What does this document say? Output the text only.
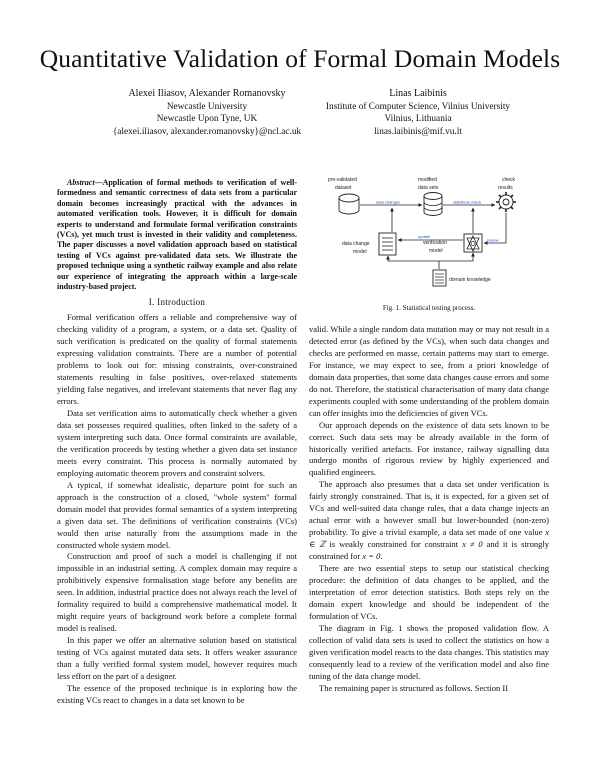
Quantitative Validation of Formal Domain Models
Alexei Iliasov, Alexander Romanovsky
Newcastle University
Newcastle Upon Tyne, UK
{alexei.iliasov, alexander.romanovsky}@ncl.ac.uk
Linas Laibinis
Institute of Computer Science, Vilnius University
Vilnius, Lithuania
linas.laibinis@mif.vu.lt

Abstract—Application of formal methods to verification of well-formedness and semantic correctness of data sets from a particular domain becomes increasingly practical with the advances in automated verification tools. However, it is difficult for domain experts to understand and formulate formal verification constraints (VCs), yet much trust is invested in their validity and completeness. The paper discusses a novel validation approach based on statistical testing of VCs against pre-validated data sets. We illustrate the proposed technique using a synthetic railway example and also relate our experience of integrating the approach within a large-scale industry-based project.

I. Introduction

Formal verification offers a reliable and comprehensive way of checking validity of a program, a system, or a data set. Quality of such verification is predicated on the quality of formal statements expressing validation constraints. There are a number of potential problems to look out for: missing constraints, over-constrained statements resulting in false positives, over-relaxed statements yielding false negatives, and irrelevant statements that never flag any errors.

Data set verification aims to automatically check whether a given data set possesses required qualities, often linked to the safety of a system interpreting such data. Once formal constraints are available, the verification proceeds by testing whether a given data set instance meets every constraint. This process is normally automated by employing automatic theorem provers and constraint solvers.

A typical, if somewhat idealistic, departure point for such an approach is the construction of a closed, "whole system" formal domain model that provides formal semantics of a system interpreting a given data set. The definitions of verification constraints (VCs) would then arise naturally from the assumptions made in the constructed whole system model.

Construction and proof of such a model is challenging if not impossible in an industrial setting. A complex domain may require a prohibitively expensive formalisation stage before any benefits are seen. In addition, industrial practice does not always reach the level of formality required to build a comprehensive mathematical model. It might require years of background work before a complete formal model is realised.

In this paper we offer an alternative solution based on statistical testing of VCs against mutated data sets. It offers weaker assurance than a fully verified formal system model, however requires much less effort on the part of a designer.

The essence of the proposed technique is in exploring how the existing VCs react to changes in a data set known to be

pre-validated
dataset
modified
data sets
check
results
data changes	statistical check
data change
model
verification
model
update
review
domain knowledge
Fig. 1. Statistical testing process.

valid. While a single random data mutation may or may not result in a detected error (as defined by the VCs), when such data changes and checks are performed en masse, certain patterns may start to emerge. For instance, we may expect to see, from a priori knowledge of domain data properties, that some data changes cause errors and some do not. Therefore, the statistical characterisation of many data change experiments coupled with some understanding of the problem domain can offer insights into the deficiencies of given VCs.

Our approach depends on the existence of data sets known to be correct. Such data sets may be already available in the form of historically verified artefacts. For instance, railway signalling data undergo months of rigorous review by highly experienced and qualified engineers.

The approach also presumes that a data set under verification is fairly strongly constrained. That is, it is expected, for a given set of VCs and well-suited data change rules, that a data change injects an actual error with a however small but lower-bounded (non-zero) probability. To give a trivial example, a data set made of one value x ∈ ℤ is weakly constrained for constraint x ≠ 0 and it is strongly constrained for x = 0.

There are two essential steps to setup our statistical checking procedure: the definition of data changes to be applied, and the interpretation of error detection statistics. Both steps rely on the domain expert knowledge and should be independent of the formulation of VCs.

The diagram in Fig. 1 shows the proposed validation flow. A collection of valid data sets is used to collect the statistics on how a given verification model reacts to the data changes. This statistics may consequently lead to a review of the verification model and also fine tuning of the data change model.

The remaining paper is structured as follows. Section II
